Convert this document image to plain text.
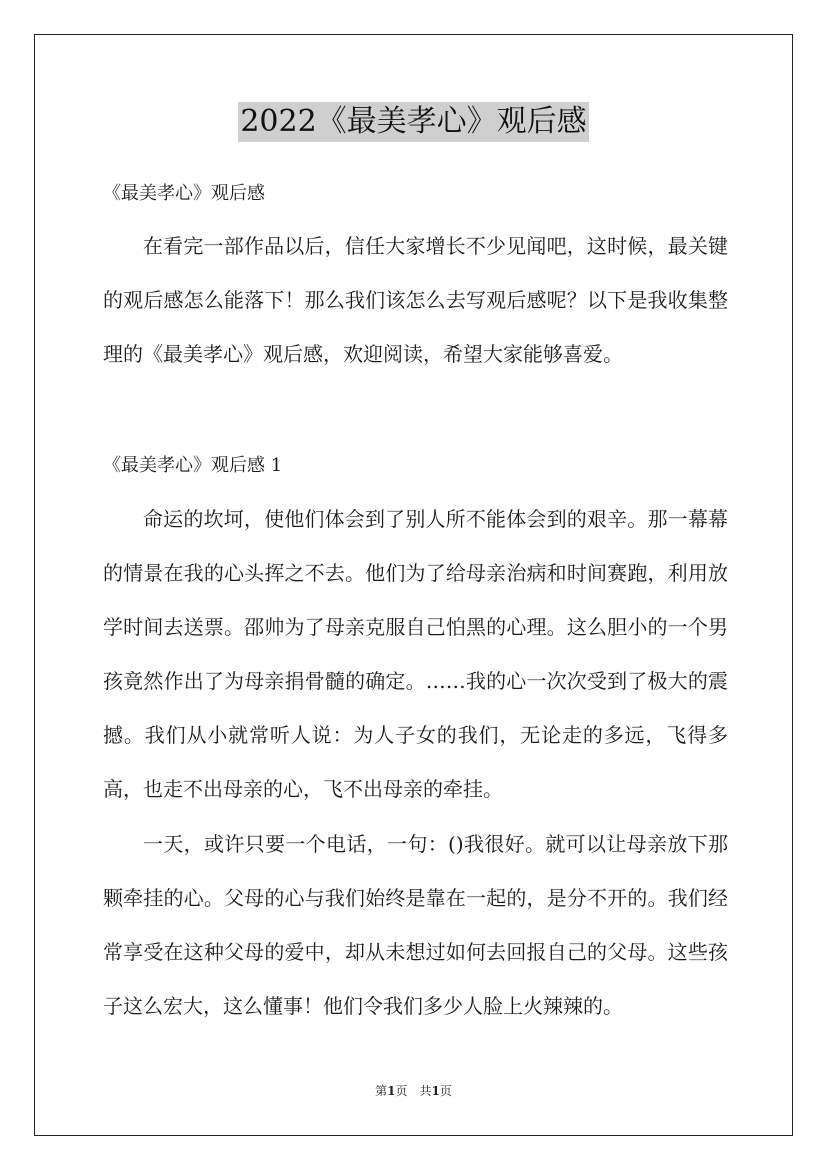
2022《最美孝心》观后感
《最美孝心》观后感

在看完一部作品以后，信任大家增长不少见闻吧，这时候，最关键的观后感怎么能落下！那么我们该怎么去写观后感呢？以下是我收集整理的《最美孝心》观后感，欢迎阅读，希望大家能够喜爱。

《最美孝心》观后感 1

命运的坎坷，使他们体会到了别人所不能体会到的艰辛。那一幕幕的情景在我的心头挥之不去。他们为了给母亲治病和时间赛跑，利用放学时间去送票。邵帅为了母亲克服自己怕黑的心理。这么胆小的一个男孩竟然作出了为母亲捐骨髓的确定。……我的心一次次受到了极大的震撼。我们从小就常听人说：为人子女的我们，无论走的多远，飞得多高，也走不出母亲的心，飞不出母亲的牵挂。

一天，或许只要一个电话，一句：()我很好。就可以让母亲放下那颗牵挂的心。父母的心与我们始终是靠在一起的，是分不开的。我们经常享受在这种父母的爱中，却从未想过如何去回报自己的父母。这些孩子这么宏大，这么懂事！他们令我们多少人脸上火辣辣的。

第1页　共1页
